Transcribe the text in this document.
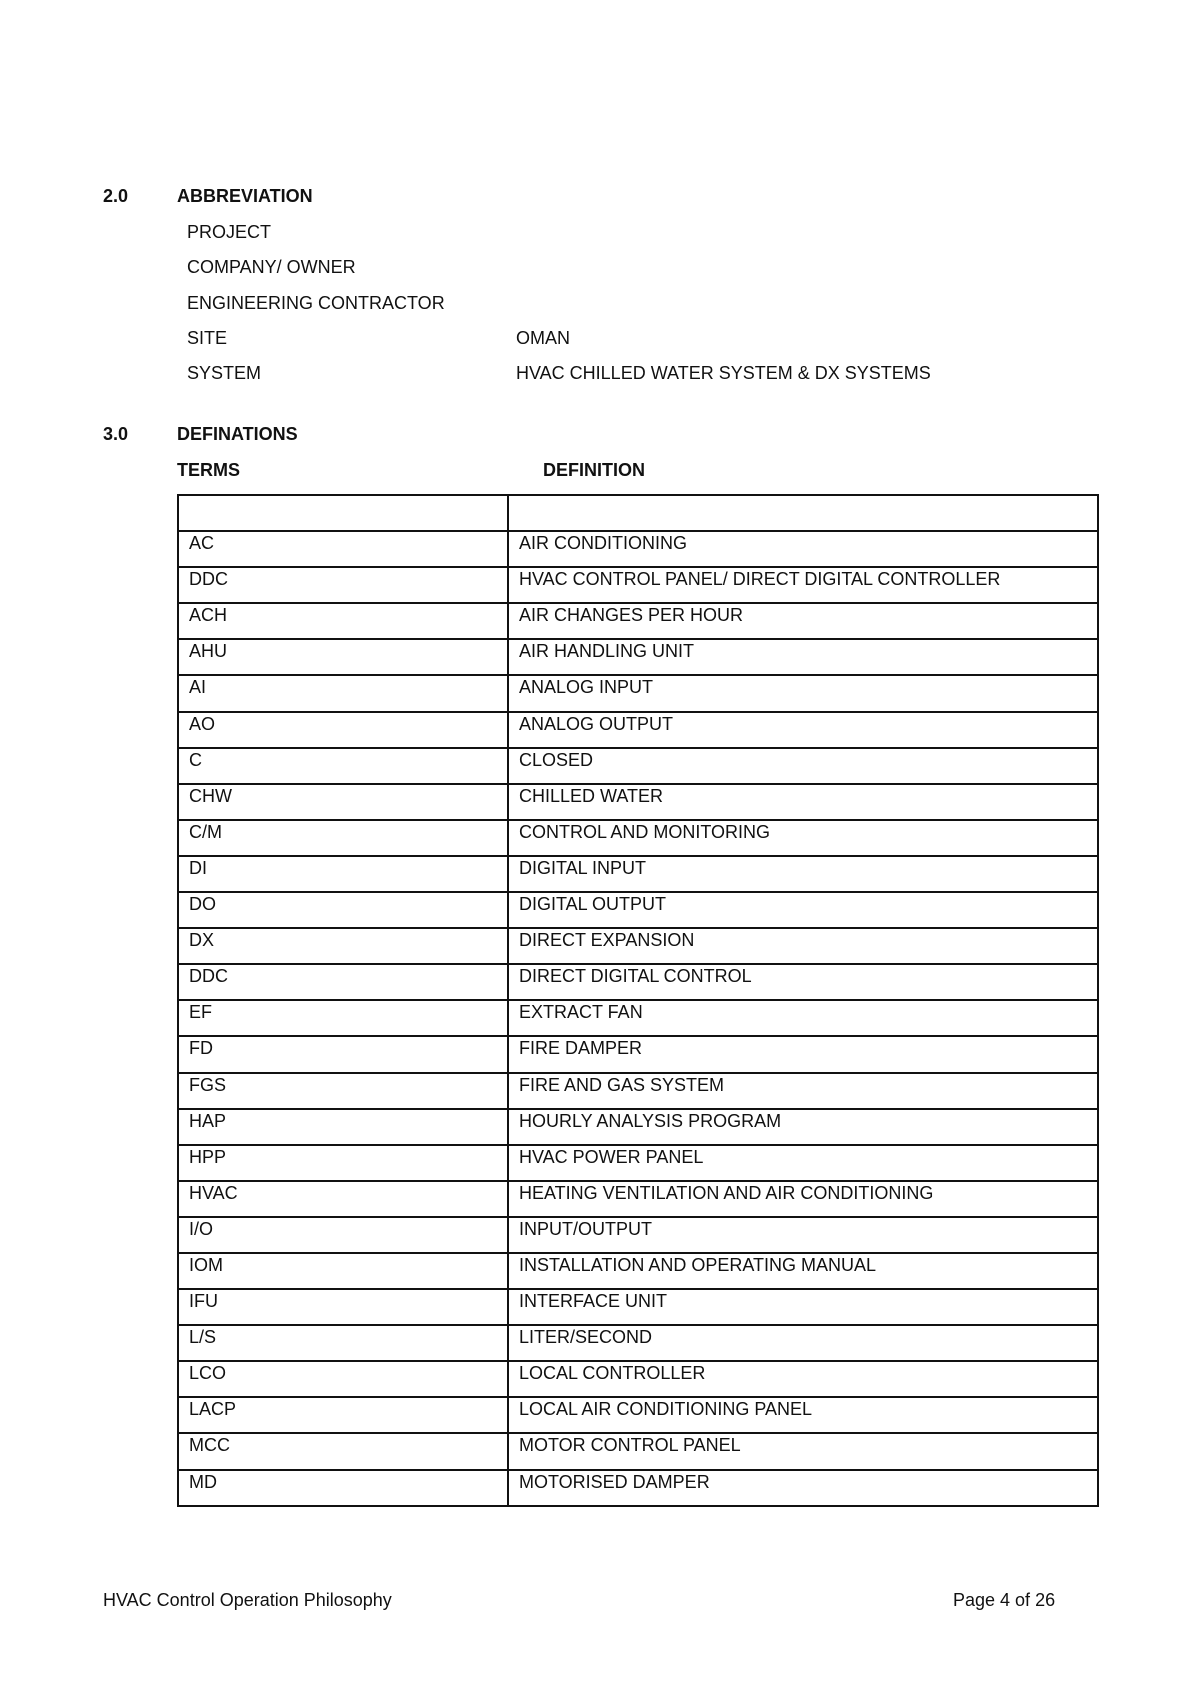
2.0	ABBREVIATION
PROJECT
COMPANY/ OWNER
ENGINEERING CONTRACTOR
SITE	OMAN
SYSTEM	HVAC CHILLED WATER SYSTEM & DX SYSTEMS
3.0	DEFINATIONS
TERMS	DEFINITION

AC	AIR CONDITIONING
DDC	HVAC CONTROL PANEL/ DIRECT DIGITAL CONTROLLER
ACH	AIR CHANGES PER HOUR
AHU	AIR HANDLING UNIT
AI	ANALOG INPUT
AO	ANALOG OUTPUT
C	CLOSED
CHW	CHILLED WATER
C/M	CONTROL AND MONITORING
DI	DIGITAL INPUT
DO	DIGITAL OUTPUT
DX	DIRECT EXPANSION
DDC	DIRECT DIGITAL CONTROL
EF	EXTRACT FAN
FD	FIRE DAMPER
FGS	FIRE AND GAS SYSTEM
HAP	HOURLY ANALYSIS PROGRAM
HPP	HVAC POWER PANEL
HVAC	HEATING VENTILATION AND AIR CONDITIONING
I/O	INPUT/OUTPUT
IOM	INSTALLATION AND OPERATING MANUAL
IFU	INTERFACE UNIT
L/S	LITER/SECOND
LCO	LOCAL CONTROLLER
LACP	LOCAL AIR CONDITIONING PANEL
MCC	MOTOR CONTROL PANEL
MD	MOTORISED DAMPER
HVAC Control Operation Philosophy	Page 4 of 26
